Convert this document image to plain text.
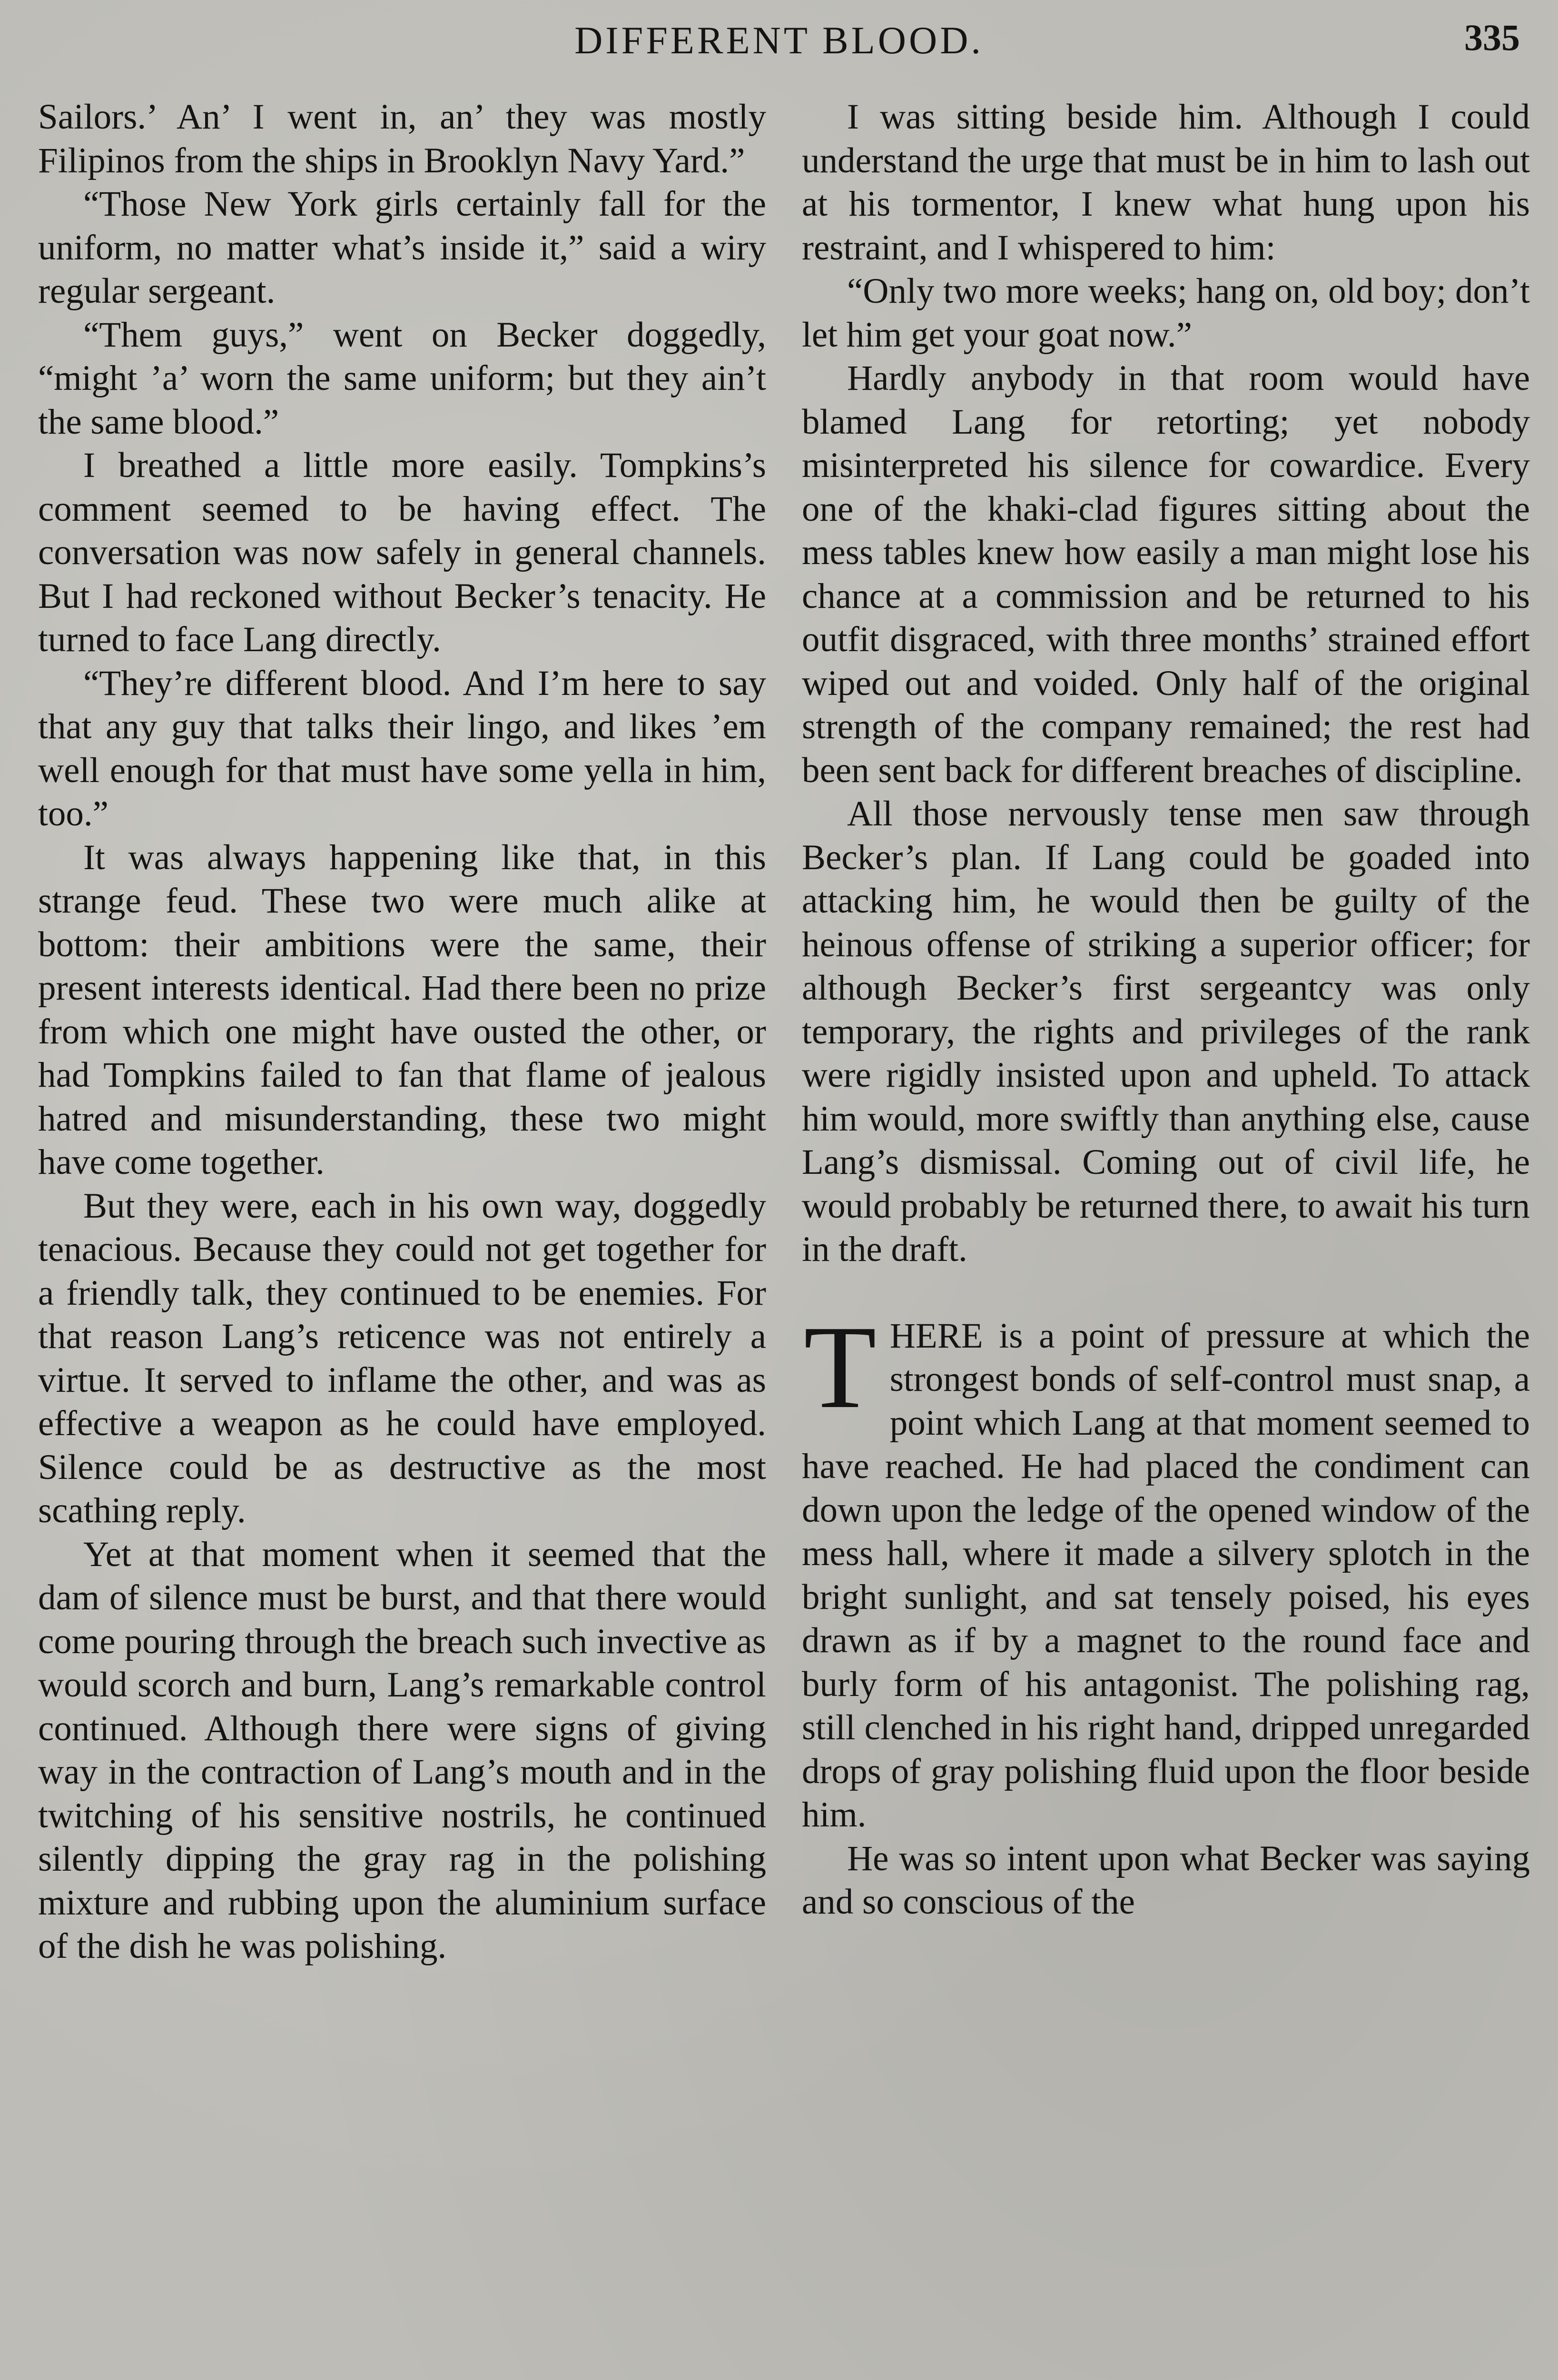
DIFFERENT BLOOD.	335

Sailors.’ An’ I went in, an’ they was mostly Filipinos from the ships in Brooklyn Navy Yard.”

“Those New York girls certainly fall for the uniform, no matter what’s inside it,” said a wiry regular sergeant.

“Them guys,” went on Becker doggedly, “might ’a’ worn the same uniform; but they ain’t the same blood.”

I breathed a little more easily. Tompkins’s comment seemed to be having effect. The conversation was now safely in general channels. But I had reckoned without Becker’s tenacity. He turned to face Lang directly.

“They’re different blood. And I’m here to say that any guy that talks their lingo, and likes ’em well enough for that must have some yella in him, too.”

It was always happening like that, in this strange feud. These two were much alike at bottom: their ambitions were the same, their present interests identical. Had there been no prize from which one might have ousted the other, or had Tompkins failed to fan that flame of jealous hatred and misunderstanding, these two might have come together.

But they were, each in his own way, doggedly tenacious. Because they could not get together for a friendly talk, they continued to be enemies. For that reason Lang’s reticence was not entirely a virtue. It served to inflame the other, and was as effective a weapon as he could have employed. Silence could be as destructive as the most scathing reply.

Yet at that moment when it seemed that the dam of silence must be burst, and that there would come pouring through the breach such invective as would scorch and burn, Lang’s remarkable control continued. Although there were signs of giving way in the contraction of Lang’s mouth and in the twitching of his sensitive nostrils, he continued silently dipping the gray rag in the polishing mixture and rubbing upon the aluminium surface of the dish he was polishing.

I was sitting beside him. Although I could understand the urge that must be in him to lash out at his tormentor, I knew what hung upon his restraint, and I whispered to him:

“Only two more weeks; hang on, old boy; don’t let him get your goat now.”

Hardly anybody in that room would have blamed Lang for retorting; yet nobody misinterpreted his silence for cowardice. Every one of the khaki-clad figures sitting about the mess tables knew how easily a man might lose his chance at a commission and be returned to his outfit disgraced, with three months’ strained effort wiped out and voided. Only half of the original strength of the company remained; the rest had been sent back for different breaches of discipline.

All those nervously tense men saw through Becker’s plan. If Lang could be goaded into attacking him, he would then be guilty of the heinous offense of striking a superior officer; for although Becker’s first sergeantcy was only temporary, the rights and privileges of the rank were rigidly insisted upon and upheld. To attack him would, more swiftly than anything else, cause Lang’s dismissal. Coming out of civil life, he would probably be returned there, to await his turn in the draft.

THERE is a point of pressure at which the strongest bonds of self-control must snap, a point which Lang at that moment seemed to have reached. He had placed the condiment can down upon the ledge of the opened window of the mess hall, where it made a silvery splotch in the bright sunlight, and sat tensely poised, his eyes drawn as if by a magnet to the round face and burly form of his antagonist. The polishing rag, still clenched in his right hand, dripped unregarded drops of gray polishing fluid upon the floor beside him.

He was so intent upon what Becker was saying and so conscious of the
